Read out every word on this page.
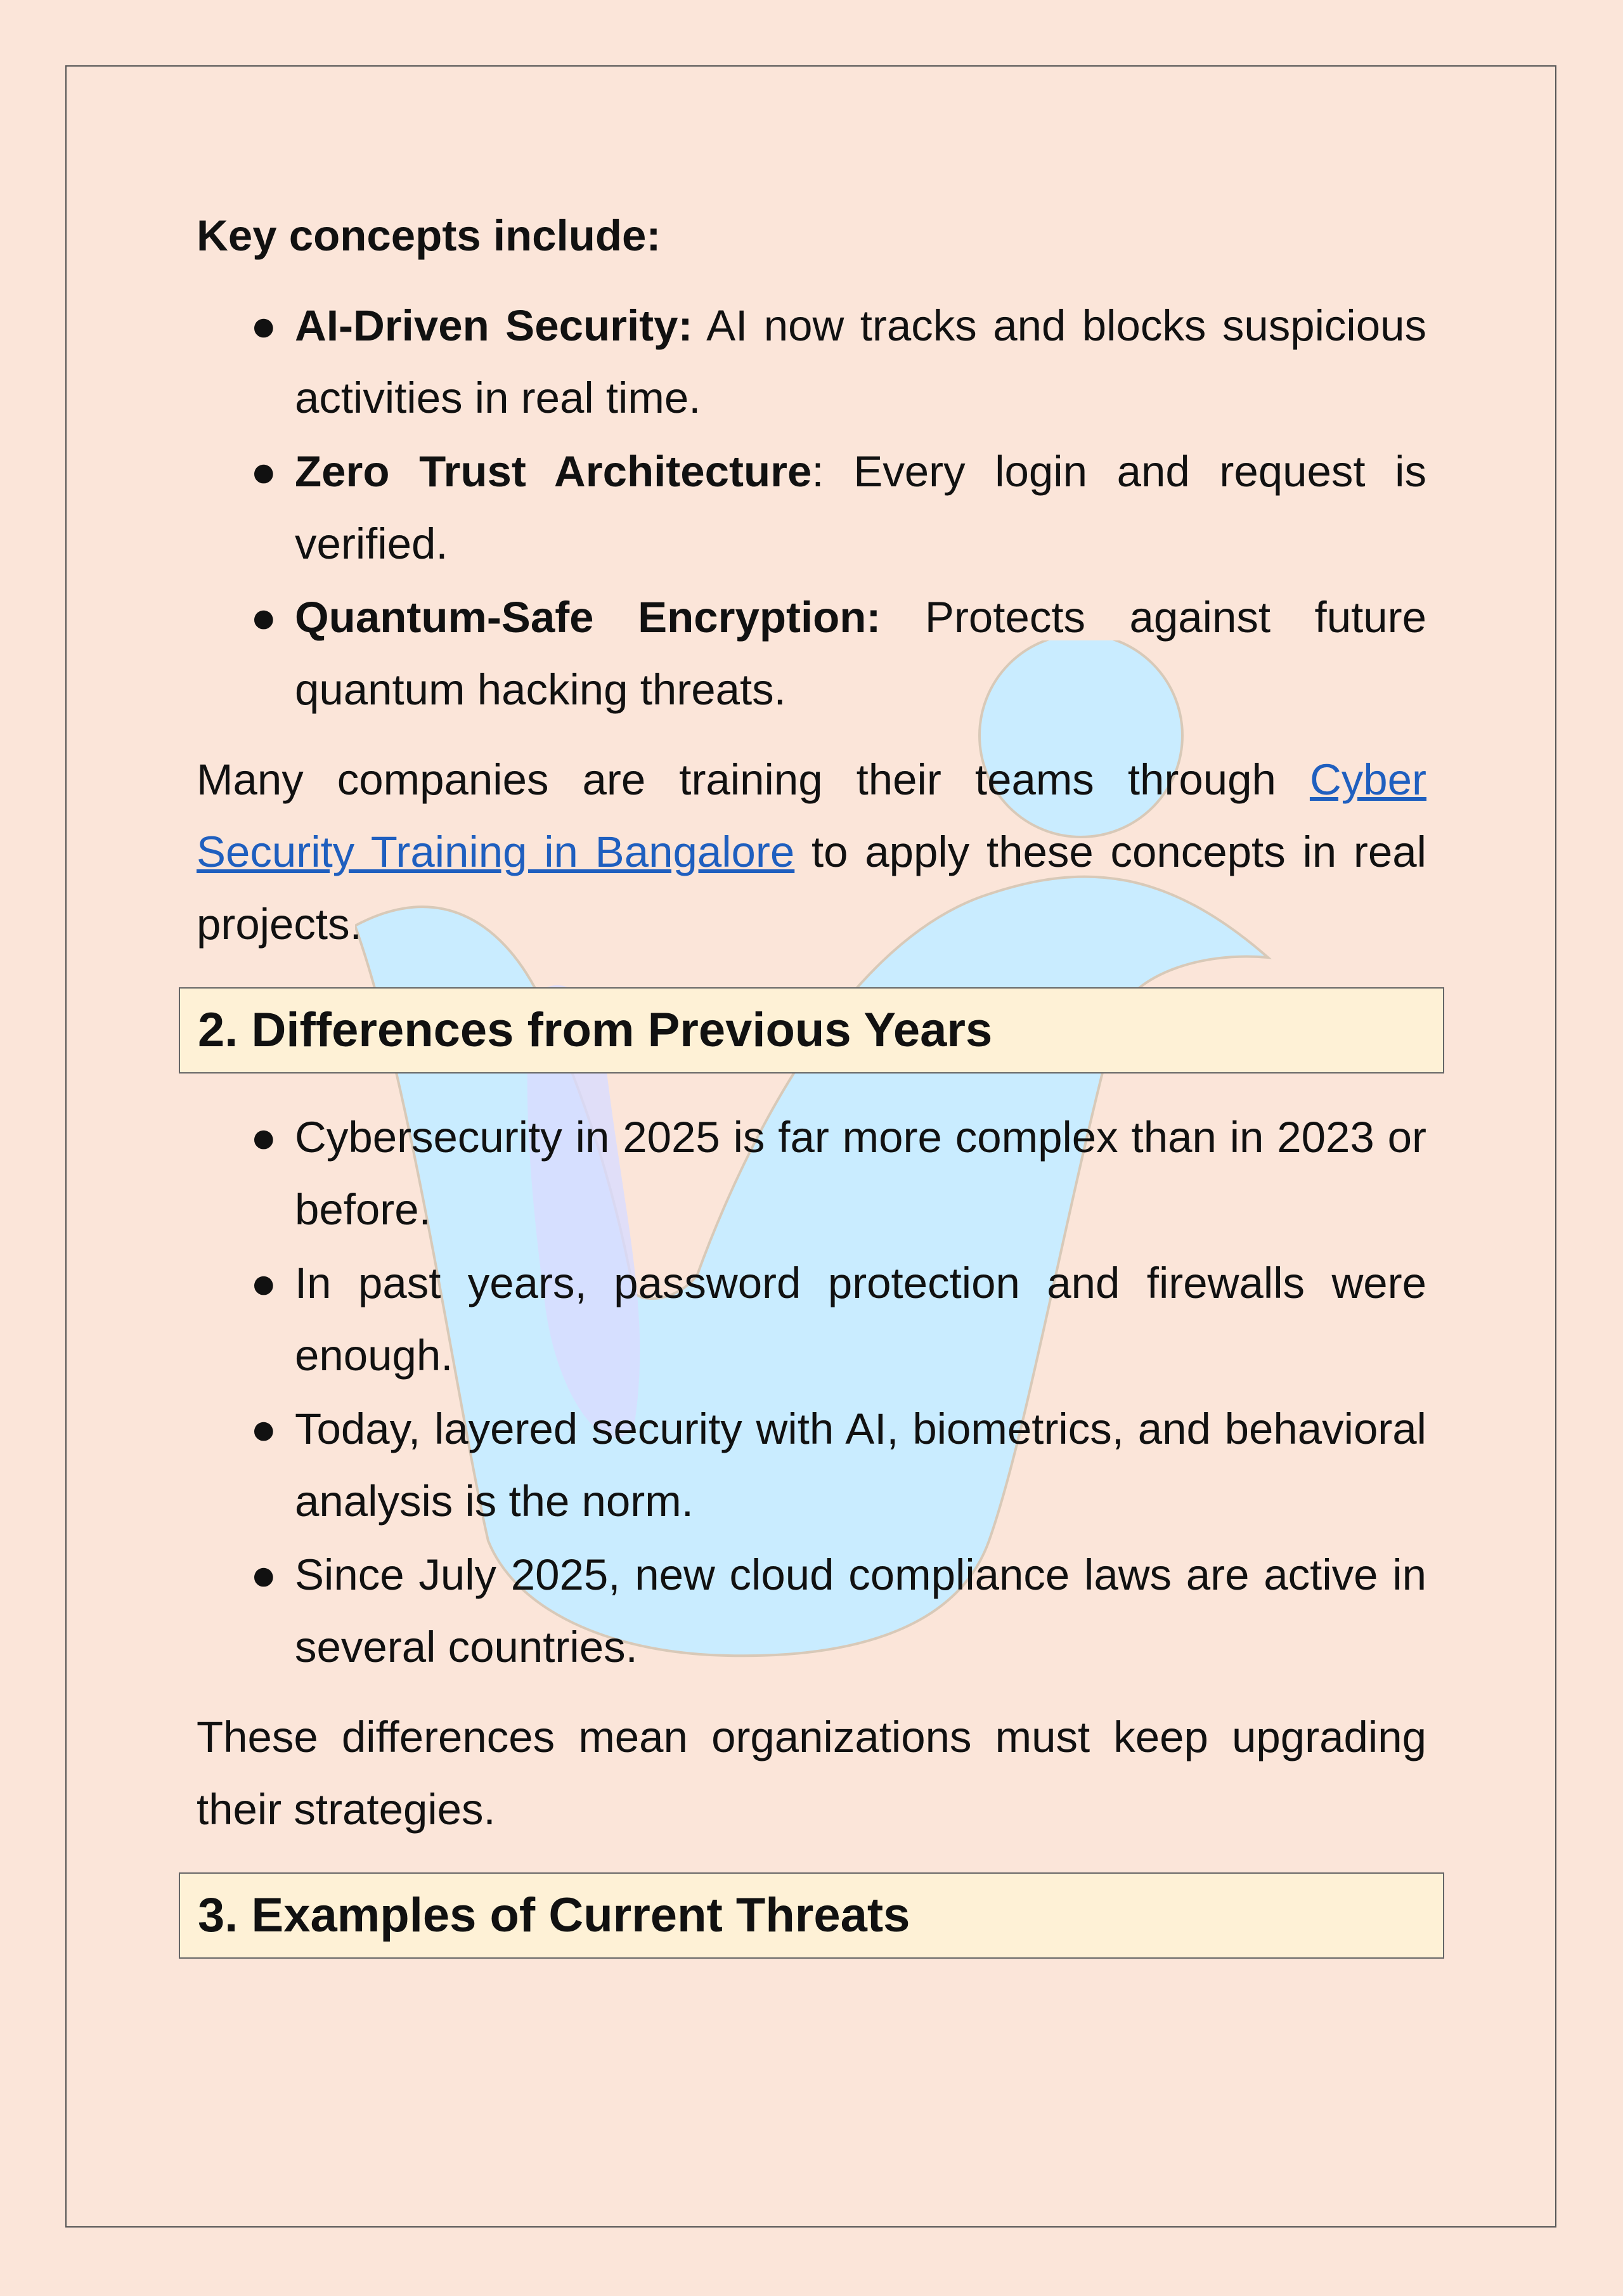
Key concepts include:

● AI-Driven Security: AI now tracks and blocks suspicious activities in real time.
● Zero Trust Architecture: Every login and request is verified.
● Quantum-Safe Encryption: Protects against future quantum hacking threats.

Many companies are training their teams through Cyber Security Training in Bangalore to apply these concepts in real projects.

2. Differences from Previous Years
● Cybersecurity in 2025 is far more complex than in 2023 or before.
● In past years, password protection and firewalls were enough.
● Today, layered security with AI, biometrics, and behavioral analysis is the norm.
● Since July 2025, new cloud compliance laws are active in several countries.

These differences mean organizations must keep upgrading their strategies.

3. Examples of Current Threats
